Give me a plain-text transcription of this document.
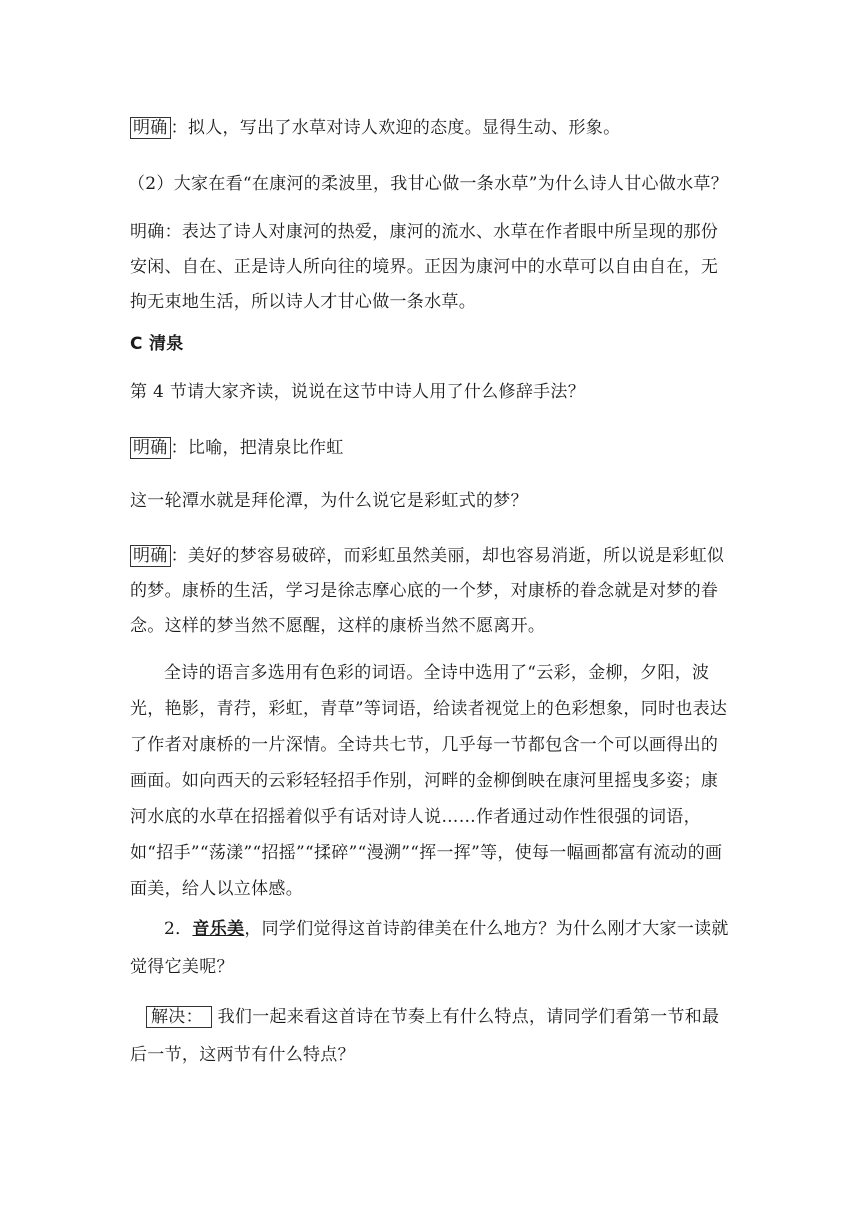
明确 ：拟人，写出了水草对诗人欢迎的态度。显得生动、形象。

（2）大家在看“在康河的柔波里，我甘心做一条水草”为什么诗人甘心做水草？

明确：表达了诗人对康河的热爱，康河的流水、水草在作者眼中所呈现的那份安闲、自在、正是诗人所向往的境界。正因为康河中的水草可以自由自在，无拘无束地生活，所以诗人才甘心做一条水草。

C 清泉

第 4 节请大家齐读，说说在这节中诗人用了什么修辞手法？

明确 ：比喻，把清泉比作虹

这一轮潭水就是拜伦潭，为什么说它是彩虹式的梦？

明确 ：美好的梦容易破碎，而彩虹虽然美丽，却也容易消逝，所以说是彩虹似的梦。康桥的生活，学习是徐志摩心底的一个梦，对康桥的眷念就是对梦的眷念。这样的梦当然不愿醒，这样的康桥当然不愿离开。

全诗的语言多选用有色彩的词语。全诗中选用了“云彩，金柳，夕阳，波光，艳影，青荇，彩虹，青草”等词语，给读者视觉上的色彩想象，同时也表达了作者对康桥的一片深情。全诗共七节，几乎每一节都包含一个可以画得出的画面。如向西天的云彩轻轻招手作别，河畔的金柳倒映在康河里摇曳多姿；康河水底的水草在招摇着似乎有话对诗人说……作者通过动作性很强的词语，如“招手”“荡漾”“招摇”“揉碎”“漫溯”“挥一挥”等，使每一幅画都富有流动的画面美，给人以立体感。

2．音乐美，同学们觉得这首诗韵律美在什么地方？为什么刚才大家一读就觉得它美呢？

解决： 我们一起来看这首诗在节奏上有什么特点，请同学们看第一节和最后一节，这两节有什么特点？
